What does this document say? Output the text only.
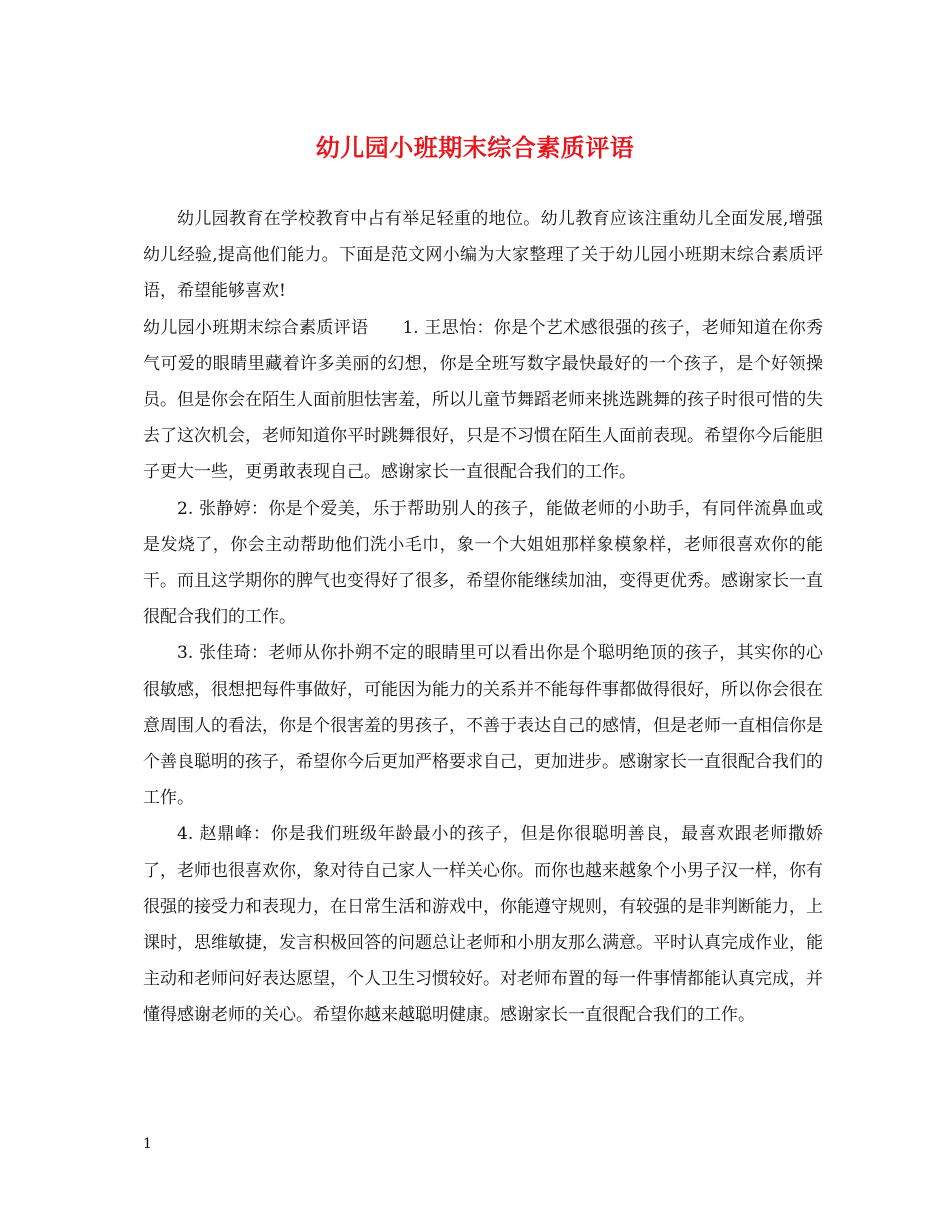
幼儿园小班期末综合素质评语

幼儿园教育在学校教育中占有举足轻重的地位。幼儿教育应该注重幼儿全面发展,增强幼儿经验,提高他们能力。下面是范文网小编为大家整理了关于幼儿园小班期末综合素质评语，希望能够喜欢!

幼儿园小班期末综合素质评语 1. 王思怡：你是个艺术感很强的孩子，老师知道在你秀气可爱的眼睛里藏着许多美丽的幻想，你是全班写数字最快最好的一个孩子，是个好领操员。但是你会在陌生人面前胆怯害羞，所以儿童节舞蹈老师来挑选跳舞的孩子时很可惜的失去了这次机会，老师知道你平时跳舞很好，只是不习惯在陌生人面前表现。希望你今后能胆子更大一些，更勇敢表现自己。感谢家长一直很配合我们的工作。

2. 张静婷：你是个爱美，乐于帮助别人的孩子，能做老师的小助手，有同伴流鼻血或是发烧了，你会主动帮助他们洗小毛巾，象一个大姐姐那样象模象样，老师很喜欢你的能干。而且这学期你的脾气也变得好了很多，希望你能继续加油，变得更优秀。感谢家长一直很配合我们的工作。

3. 张佳琦：老师从你扑朔不定的眼睛里可以看出你是个聪明绝顶的孩子，其实你的心很敏感，很想把每件事做好，可能因为能力的关系并不能每件事都做得很好，所以你会很在意周围人的看法，你是个很害羞的男孩子，不善于表达自己的感情，但是老师一直相信你是个善良聪明的孩子，希望你今后更加严格要求自己，更加进步。感谢家长一直很配合我们的工作。

4. 赵鼎峰：你是我们班级年龄最小的孩子，但是你很聪明善良，最喜欢跟老师撒娇了，老师也很喜欢你，象对待自己家人一样关心你。而你也越来越象个小男子汉一样，你有很强的接受力和表现力，在日常生活和游戏中，你能遵守规则，有较强的是非判断能力，上课时，思维敏捷，发言积极回答的问题总让老师和小朋友那么满意。平时认真完成作业，能主动和老师问好表达愿望，个人卫生习惯较好。对老师布置的每一件事情都能认真完成，并懂得感谢老师的关心。希望你越来越聪明健康。感谢家长一直很配合我们的工作。

1
